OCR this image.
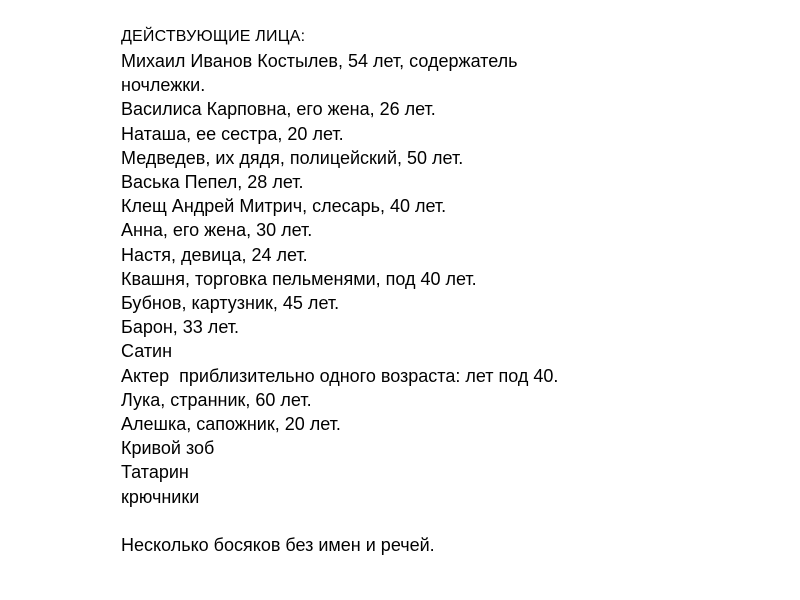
ДЕЙСТВУЮЩИЕ ЛИЦА:

Михаил Иванов Костылев, 54 лет, содержатель

ночлежки.

Василиса Карповна, его жена, 26 лет.

Наташа, ее сестра, 20 лет.

Медведев, их дядя, полицейский, 50 лет.

Васька Пепел, 28 лет.

Клещ Андрей Митрич, слесарь, 40 лет.

Анна, его жена, 30 лет.

Настя, девица, 24 лет.

Квашня, торговка пельменями, под 40 лет.

Бубнов, картузник, 45 лет.

Барон, 33 лет.

Сатин

Актер  приблизительно одного возраста: лет под 40.

Лука, странник, 60 лет.

Алешка, сапожник, 20 лет.

Кривой зоб

Татарин

крючники

Несколько босяков без имен и речей.
